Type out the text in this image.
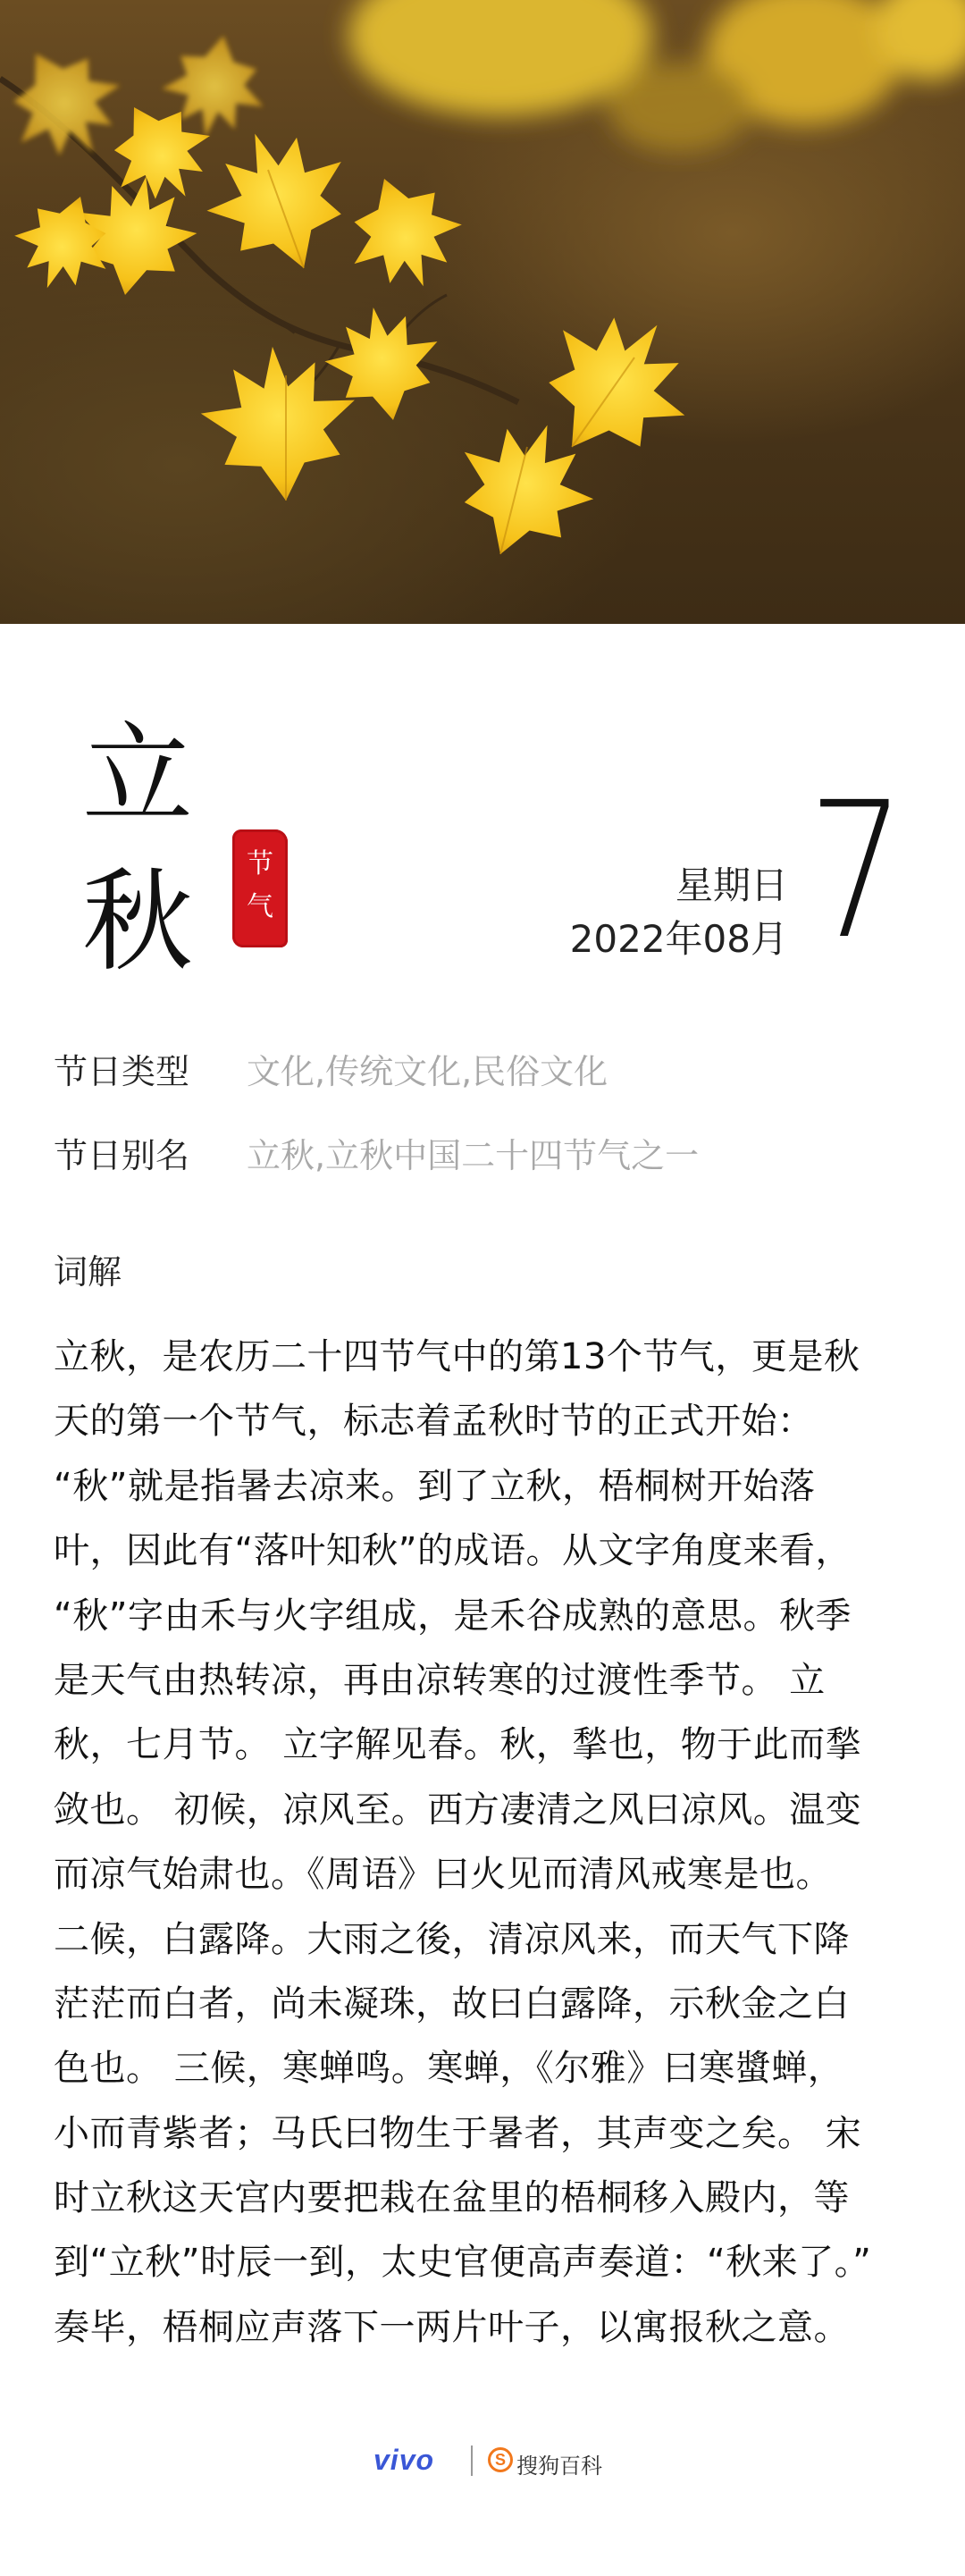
立
秋	节
气	星期日
2022年08月 7
节日类型 文化,传统文化,民俗文化
节日别名 立秋,立秋中国二十四节气之一
词解
立秋，是农历二十四节气中的第13个节气，更是秋
天的第一个节气，标志着孟秋时节的正式开始：
“秋”就是指暑去凉来。到了立秋，梧桐树开始落
叶，因此有“落叶知秋”的成语。从文字角度来看，
“秋”字由禾与火字组成，是禾谷成熟的意思。秋季
是天气由热转凉，再由凉转寒的过渡性季节。 立
秋，七月节。 立字解见春。秋，揫也，物于此而揫
敛也。 初候，凉风至。西方凄清之风曰凉风。温变
而凉气始肃也。《周语》曰火见而清风戒寒是也。
二候，白露降。大雨之後，清凉风来，而天气下降
茫茫而白者，尚未凝珠，故曰白露降，示秋金之白
色也。 三候，寒蝉鸣。寒蝉，《尔雅》曰寒螿蝉，
小而青紫者；马氏曰物生于暑者，其声变之矣。 宋
时立秋这天宫内要把栽在盆里的梧桐移入殿内，等
到“立秋”时辰一到，太史官便高声奏道：“秋来了。”
奏毕，梧桐应声落下一两片叶子，以寓报秋之意。
vivo	S 搜狗百科
